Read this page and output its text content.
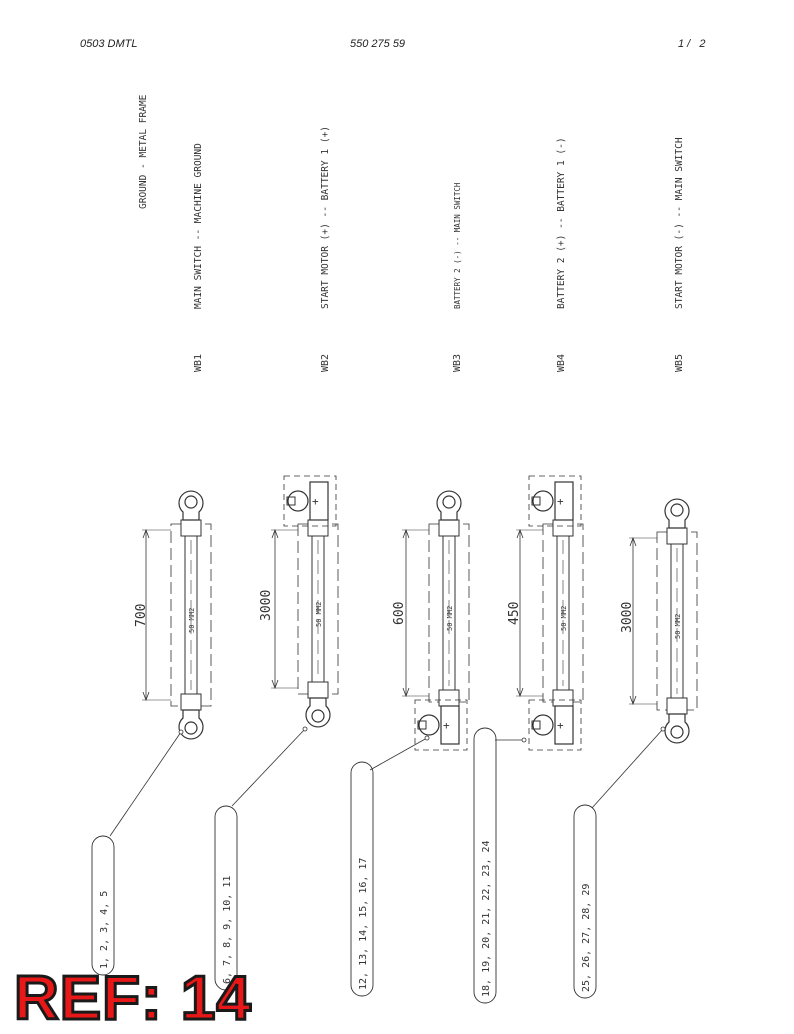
0503 DMTL	550 275 59	1 /   2
GROUND - METAL FRAME
WB1
MAIN SWITCH -- MACHINE GROUND
WB2
START MOTOR (+) -- BATTERY 1 (+)
WB3
BATTERY 2 (-) -- MAIN SWITCH
WB4
BATTERY 2 (+) -- BATTERY 1 (-)
WB5
START MOTOR (-) -- MAIN SWITCH
50 MM2
700
1, 2, 3, 4, 5
+
50 MM2
3000
6, 7, 8, 9, 10, 11
+
50 MM2
600
12, 13, 14, 15, 16, 17
+
+
50 MM2
450
18, 19, 20, 21, 22, 23, 24
50 MM2
3000
25, 26, 27, 28, 29
REF: 14
